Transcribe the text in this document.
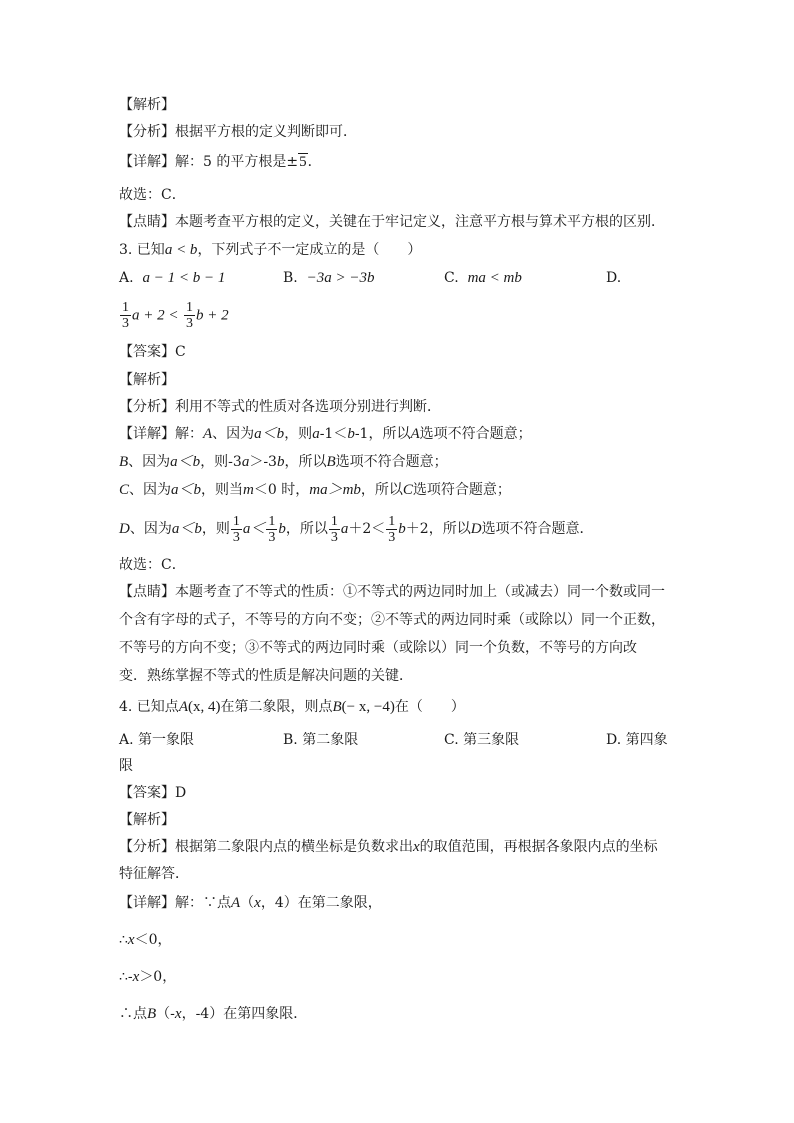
【解析】
【分析】根据平方根的定义判断即可．
【详解】解：5 的平方根是±5．
故选：C．
【点睛】本题考查平方根的定义，关键在于牢记定义，注意平方根与算术平方根的区别．
3. 已知a < b，下列式子不一定成立的是（　　）
A. a − 1 < b − 1	B. −3a > −3b	C. ma < mb	D.
$\frac{1}{3}$ $a + 2 < \frac{1}{3}$ b + 2
【答案】C
【解析】
【分析】利用不等式的性质对各选项分别进行判断．
【详解】解：A、因为a＜b，则a-1＜b-1，所以A选项不符合题意；
B、因为a＜b，则-3a＞-3b，所以B选项不符合题意；
C、因为a＜b，则当m＜0 时，ma＞mb，所以C选项符合题意；
D、因为a＜b，则 $\frac{1}{3} a< \frac{1}{3}$ b，所以 $\frac{1}{3} a+2< \frac{1}{3} b+2$，所以D选项不符合题意．
故选：C．
【点睛】本题考查了不等式的性质：①不等式的两边同时加上（或减去）同一个数或同一
个含有字母的式子，不等号的方向不变；②不等式的两边同时乘（或除以）同一个正数，
不等号的方向不变；③不等式的两边同时乘（或除以）同一个负数，不等号的方向改
变．熟练掌握不等式的性质是解决问题的关键．
4. 已知点A(x, 4)在第二象限，则点B(− x, −4)在（　　）
A. 第一象限	B. 第二象限	C. 第三象限	D. 第四象
限
【答案】D
【解析】
【分析】根据第二象限内点的横坐标是负数求出x的取值范围，再根据各象限内点的坐标
特征解答．
【详解】解：∵点A（x，4）在第二象限，
∴x＜0，
∴-x＞0，
∴点B（-x，-4）在第四象限．
